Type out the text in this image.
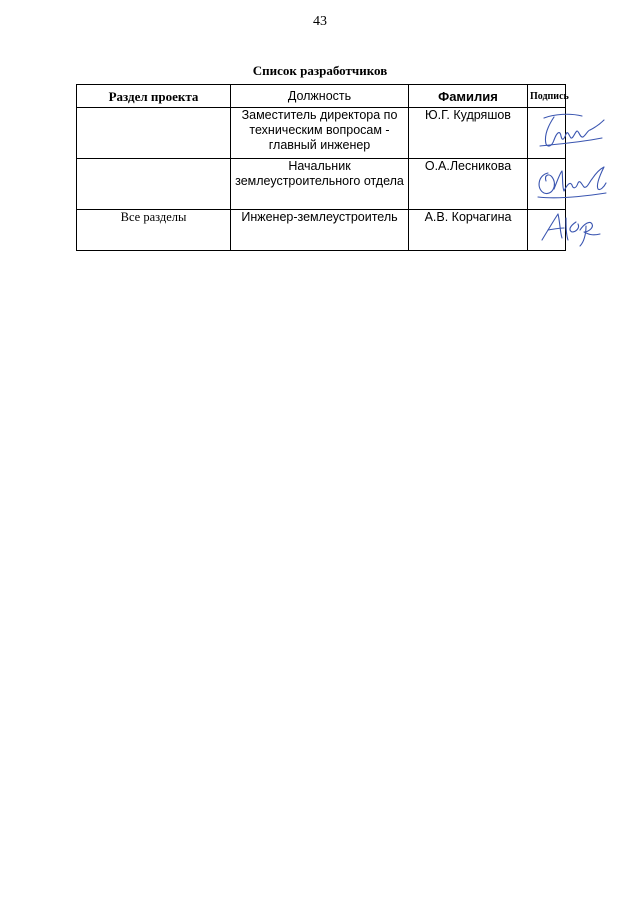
43
Список разработчиков
Раздел проекта	Должность	Фамилия	Подпись
	Заместитель директора по техническим вопросам - главный инженер	Ю.Г. Кудряшов	

	Начальник землеустроительного отдела	О.А.Лесникова	

Все разделы	Инженер-землеустроитель	А.В. Корчагина	
